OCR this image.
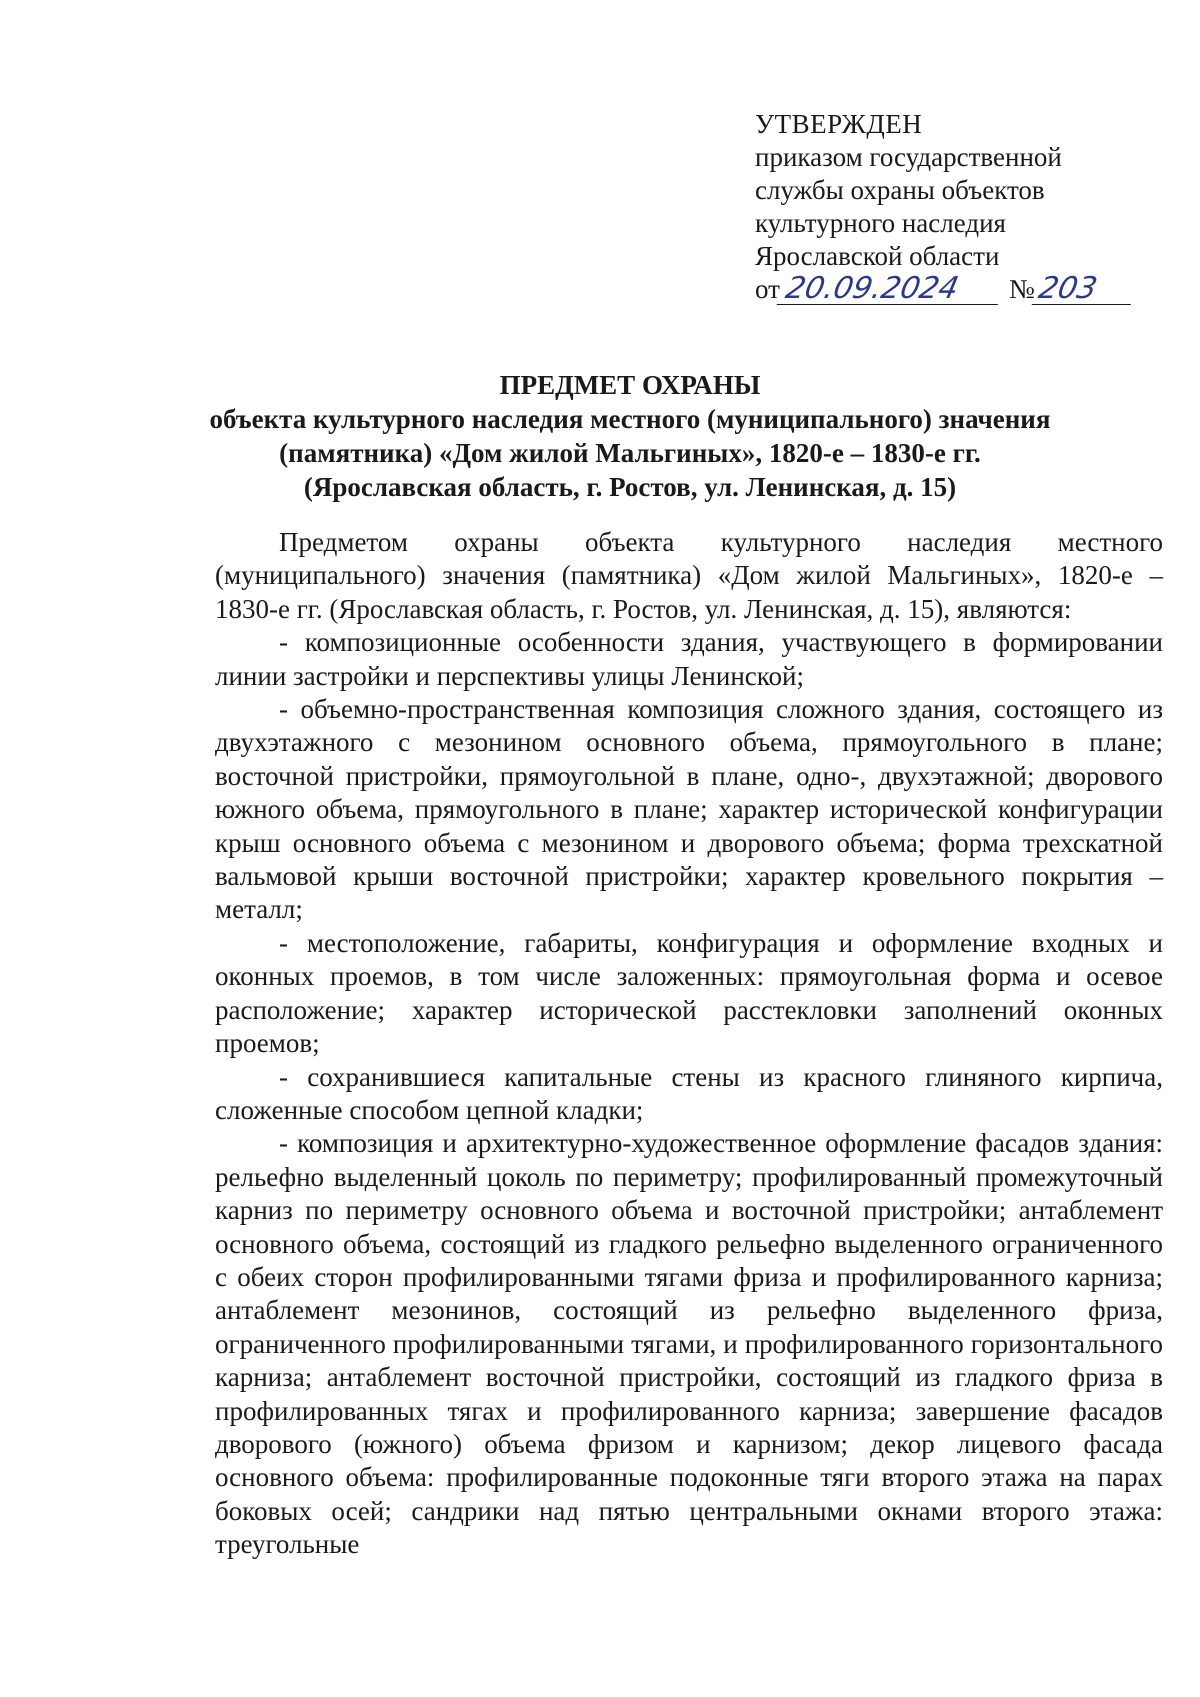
УТВЕРЖДЕН
приказом государственной
службы охраны объектов
культурного наследия
Ярославской области
от20.09.2024 №203
ПРЕДМЕТ ОХРАНЫ
объекта культурного наследия местного (муниципального) значения
(памятника) «Дом жилой Мальгиных», 1820-е – 1830-е гг.
(Ярославская область, г. Ростов, ул. Ленинская, д. 15)

Предметом охраны объекта культурного наследия местного (муниципального) значения (памятника) «Дом жилой Мальгиных», 1820-е – 1830-е гг. (Ярославская область, г. Ростов, ул. Ленинская, д. 15), являются:

- композиционные особенности здания, участвующего в формировании линии застройки и перспективы улицы Ленинской;

- объемно-пространственная композиция сложного здания, состоящего из двухэтажного с мезонином основного объема, прямоугольного в плане; восточной пристройки, прямоугольной в плане, одно-, двухэтажной; дворового южного объема, прямоугольного в плане; характер исторической конфигурации крыш основного объема с мезонином и дворового объема; форма трехскатной вальмовой крыши восточной пристройки; характер кровельного покрытия – металл;

- местоположение, габариты, конфигурация и оформление входных и оконных проемов, в том числе заложенных: прямоугольная форма и осевое расположение; характер исторической расстекловки заполнений оконных проемов;

- сохранившиеся капитальные стены из красного глиняного кирпича, сложенные способом цепной кладки;

- композиция и архитектурно-художественное оформление фасадов здания: рельефно выделенный цоколь по периметру; профилированный промежуточный карниз по периметру основного объема и восточной пристройки; антаблемент основного объема, состоящий из гладкого рельефно выделенного ограниченного с обеих сторон профилированными тягами фриза и профилированного карниза; антаблемент мезонинов, состоящий из рельефно выделенного фриза, ограниченного профилированными тягами, и профилированного горизонтального карниза; антаблемент восточной пристройки, состоящий из гладкого фриза в профилированных тягах и профилированного карниза; завершение фасадов дворового (южного) объема фризом и карнизом; декор лицевого фасада основного объема: профилированные подоконные тяги второго этажа на парах боковых осей; сандрики над пятью центральными окнами второго этажа: треугольные
